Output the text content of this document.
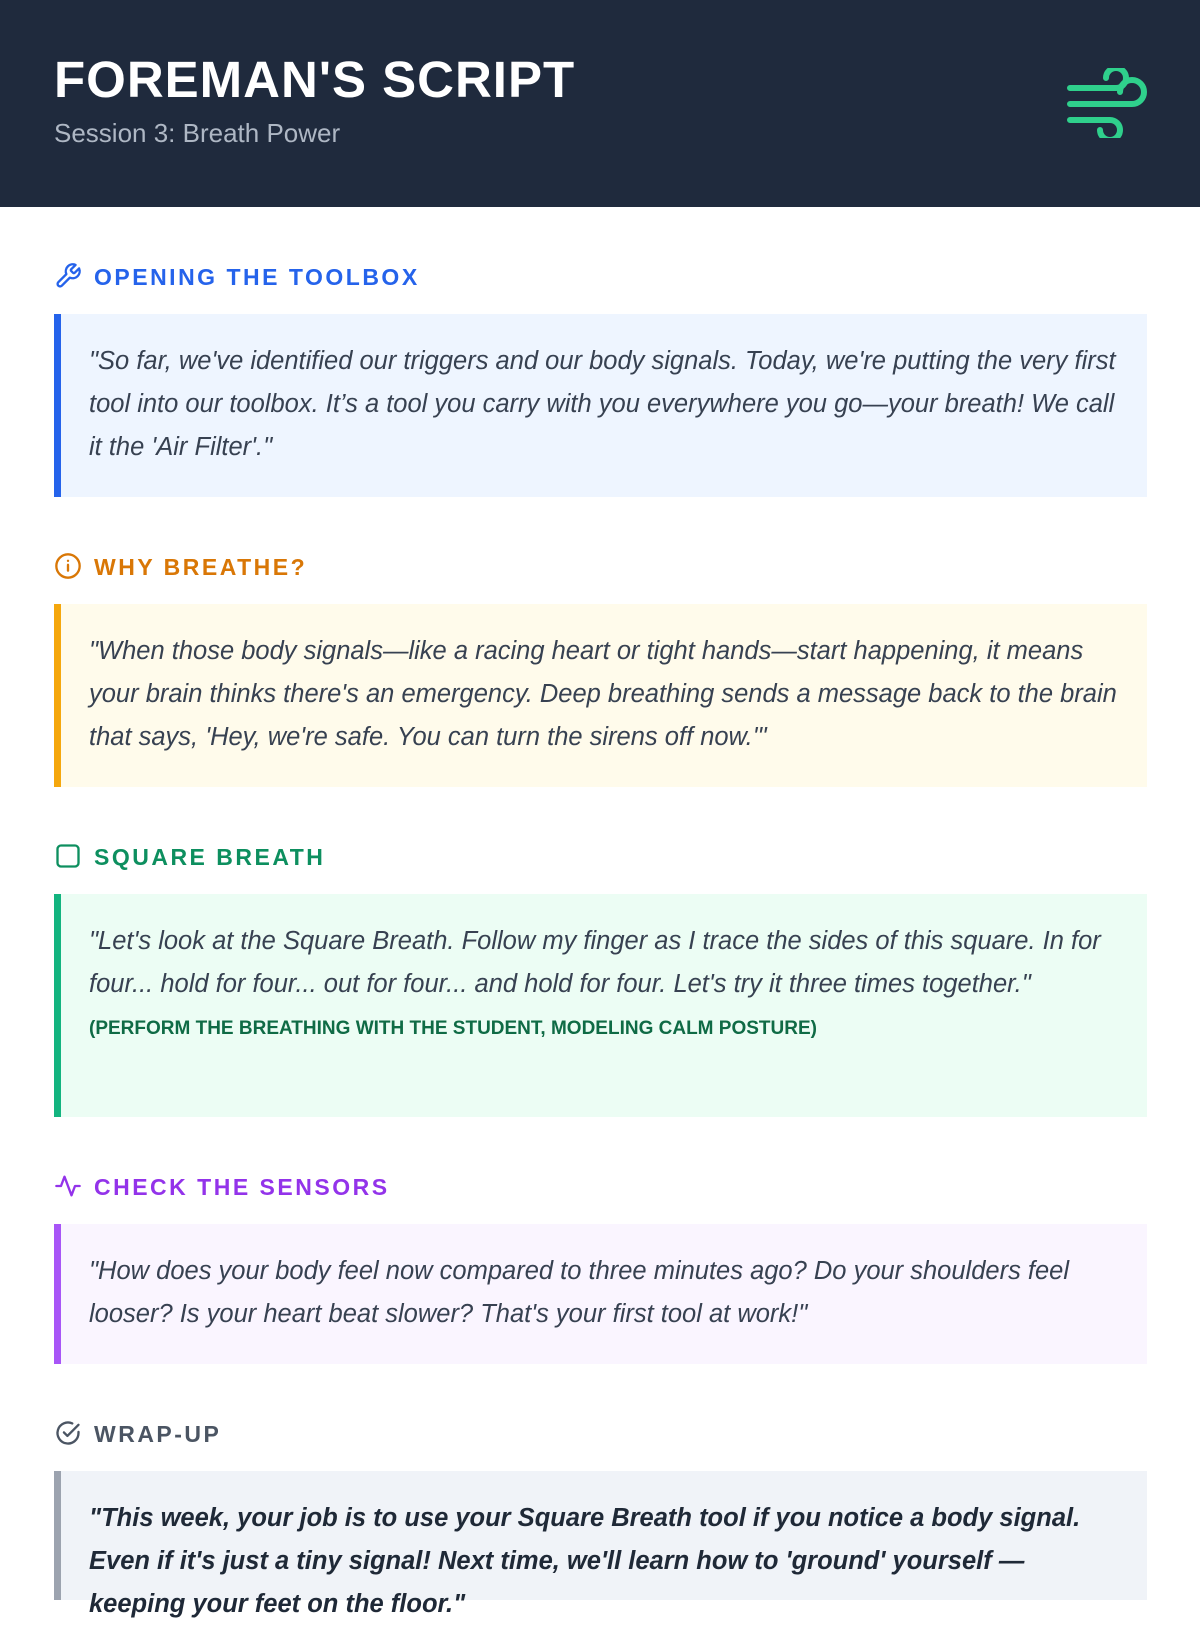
FOREMAN'S SCRIPT
Session 3: Breath Power
OPENING THE TOOLBOX
"So far, we've identified our triggers and our body signals. Today, we're putting the very first tool into our toolbox. It’s a tool you carry with you everywhere you go—your breath! We call it the 'Air Filter'."
WHY BREATHE?
"When those body signals—like a racing heart or tight hands—start happening, it means your brain thinks there's an emergency. Deep breathing sends a message back to the brain that says, 'Hey, we're safe. You can turn the sirens off now.'"
SQUARE BREATH
"Let's look at the Square Breath. Follow my finger as I trace the sides of this square. In for four... hold for four... out for four... and hold for four. Let's try it three times together."
(PERFORM THE BREATHING WITH THE STUDENT, MODELING CALM POSTURE)
CHECK THE SENSORS
"How does your body feel now compared to three minutes ago? Do your shoulders feel looser? Is your heart beat slower? That's your first tool at work!"
WRAP-UP
"This week, your job is to use your Square Breath tool if you notice a body signal. Even if it's just a tiny signal! Next time, we'll learn how to 'ground' yourself — keeping your feet on the floor."
